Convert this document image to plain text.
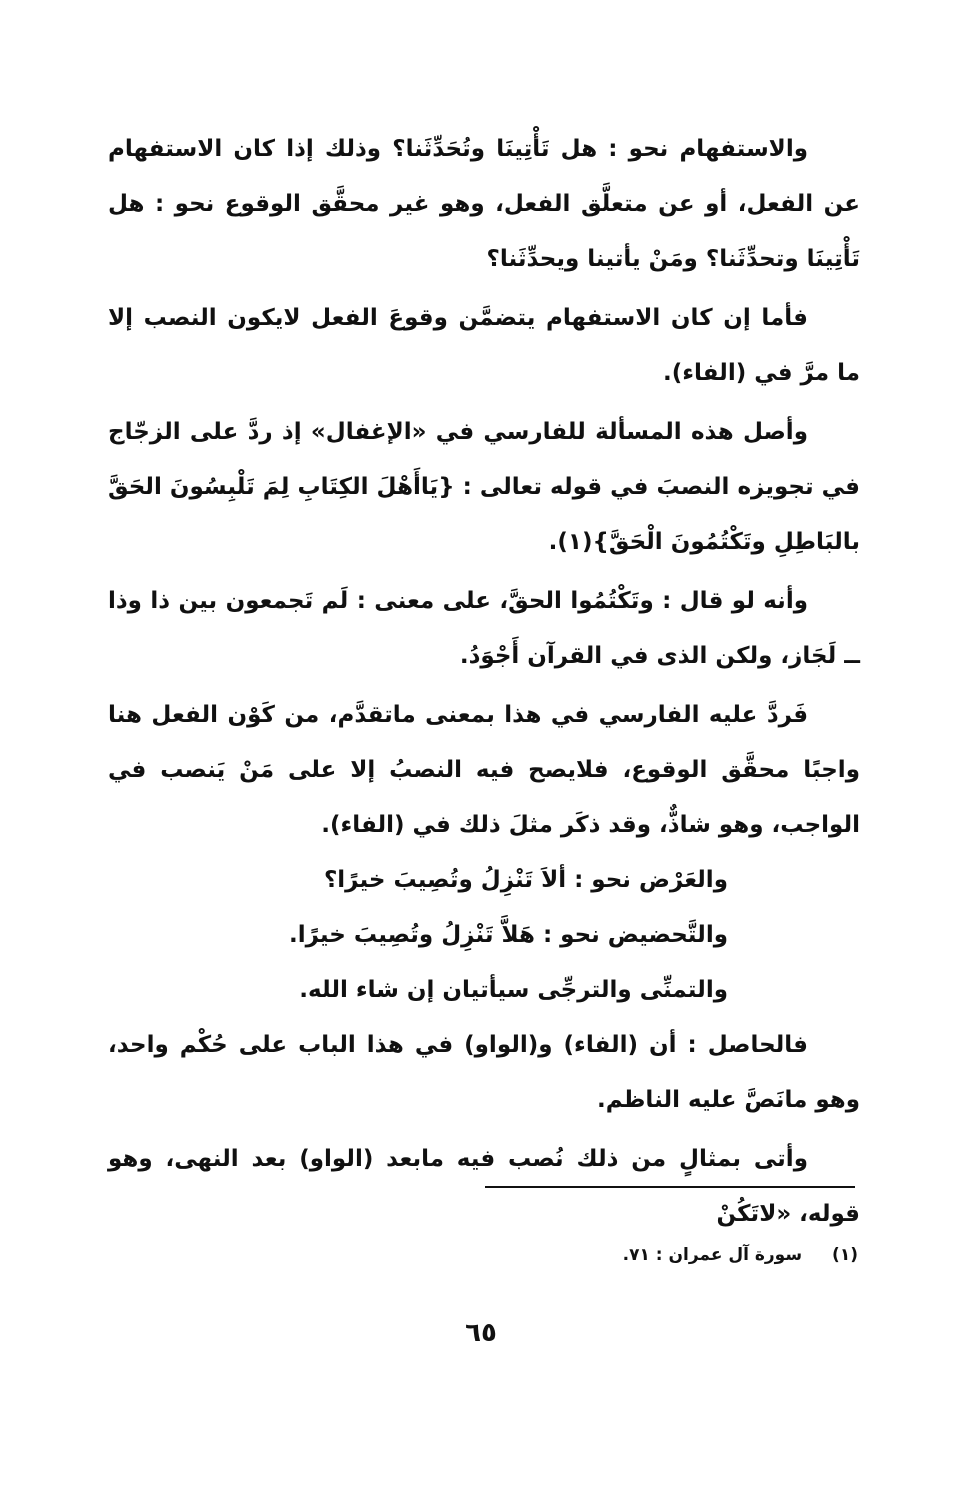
والاستفهام نحو : هل تَأْتِينَا وتُحَدِّثَنا؟ وذلك إذا كان الاستفهام عن الفعل، أو عن متعلَّق الفعل، وهو غير محقَّق الوقوع نحو : هل تَأْتِينَا وتحدِّثَنا؟ ومَنْ يأتينا ويحدِّثَنا؟

فأما إن كان الاستفهام يتضمَّن وقوعَ الفعل لايكون النصب إلا ما مرَّ في (الفاء).

وأصل هذه المسألة للفارسي في «الإغفال» إذ ردَّ على الزجّاج في تجويزه النصبَ في قوله تعالى : {يَاأَهْلَ الكِتَابِ لِمَ تَلْبِسُونَ الحَقَّ بالبَاطِلِ وتَكْتُمُونَ الْحَقَّ}(١).

وأنه لو قال : وتَكْتُمُوا الحقَّ، على معنى : لَم تَجمعون بين ذا وذا ــ لَجَاز، ولكن الذى في القرآن أَجْوَدُ.

فَردَّ عليه الفارسي في هذا بمعنى ماتقدَّم، من كَوْن الفعل هنا واجبًا محقَّق الوقوع، فلايصح فيه النصبُ إلا على مَنْ يَنصب في الواجب، وهو شاذٌّ، وقد ذكَر مثلَ ذلك في (الفاء).

والعَرْض نحو : ألاَ تَنْزِلُ وتُصِيبَ خيرًا؟

والتَّحضيض نحو : هَلاَّ تَنْزِلُ وتُصِيبَ خيرًا.

والتمنِّى والترجِّى سيأتيان إن شاء الله.

فالحاصل : أن (الفاء) و(الواو) في هذا الباب على حُكْم واحد، وهو مانَصَّ عليه الناظم.

وأتى بمثالٍ من ذلك نُصب فيه مابعد (الواو) بعد النهى، وهو قوله، «لاتَكُنْ

(١)سورة آل عمران : ٧١.
٦٥
